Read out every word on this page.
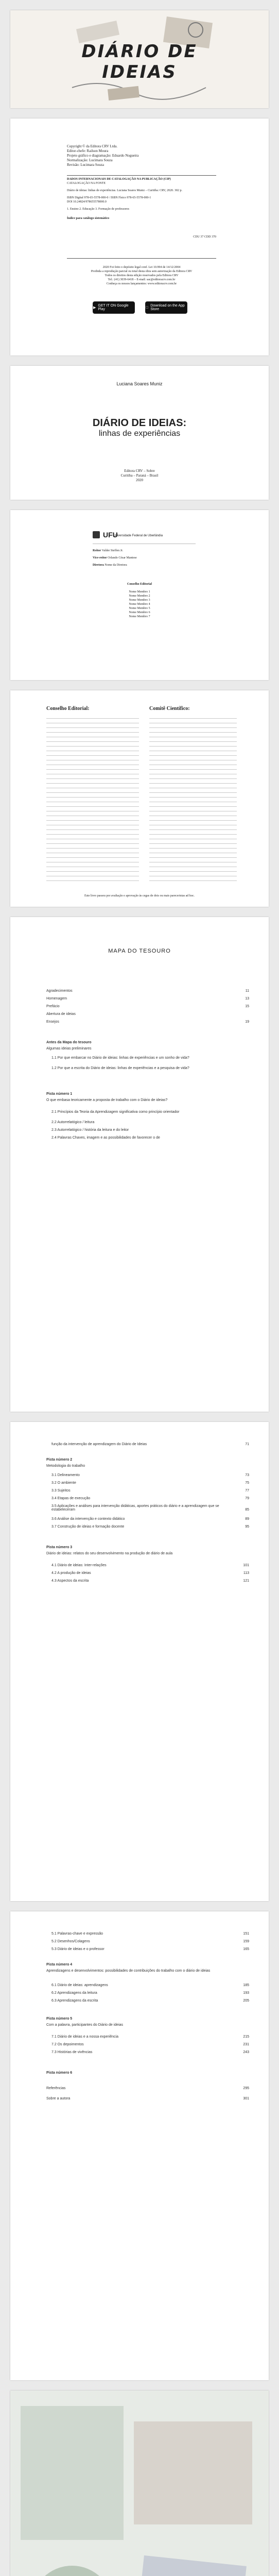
DIÁRIO DE
IDEIAS
Copyright © da Editora CRV Ltda.
Editor-chefe: Railson Moura
Projeto gráfico e diagramação: Eduardo Nogueira
Normalização: Lucimara Souza
Revisão: Lucimara Souza
DADOS INTERNACIONAIS DE CATALOGAÇÃO NA PUBLICAÇÃO (CIP)
CATALOGAÇÃO NA FONTE
Diário de ideias: linhas de experiências. Luciana Soares Muniz – Curitiba: CRV, 2020. 302 p.
ISBN Digital 978-65-5578-000-0 / ISBN Físico 978-65-5578-000-1
DOI 10.24824/978655578000.0
1. Ensino 2. Educação 3. Formação de professores
Índice para catálogo sistemático
CDU 37 CDD 370
2020 Foi feito o depósito legal conf. Lei 10.994 de 14/12/2004
Proibida a reprodução parcial ou total desta obra sem autorização da Editora CRV
Todos os direitos desta edição reservados pela Editora CRV
Tel.: (41) 3039-6418 – E-mail: sac@editoracrv.com.br
Conheça os nossos lançamentos: www.editoracrv.com.br
▶
GET IT ON Google Play
Download on the App Store
Luciana Soares Muniz
DIÁRIO DE IDEIAS:
linhas de experiências
Editora CRV – Sobre
Curitiba – Paraná – Brasil
2020
UFU
Universidade Federal de Uberlândia
Reitor Valder Steffen Jr.
Vice-reitor Orlando César Mantese
Diretora Nome da Diretora
Conselho Editorial
Nome Membro 1
Nome Membro 2
Nome Membro 3
Nome Membro 4
Nome Membro 5
Nome Membro 6
Nome Membro 7
Conselho Editorial:	Comitê Científico:
Este livro passou por avaliação e aprovação às cegas de dois ou mais pareceristas ad hoc.
MAPA DO TESOURO
Agradecimentos	11
Homenagem	13
Prefácio	15
Abertura de ideias
Ensejos	19
Antes da Mapa do tesouro
Algumas ideias preliminares
1.1 Por que embarcar no Diário de ideias: linhas de experiências e um sonho de vida?
1.2 Por que a escrita do Diário de ideias: linhas de experiências e a pesquisa de vida?
Pista número 1
O que embasa teoricamente a proposta de trabalho com o Diário de ideias?
2.1 Princípios da Teoria da Aprendizagem significativa como princípio orientador
2.2 Autorrelatógico / leitura
2.3 Autorrelatógico / história da leitura e do leitor
2.4 Palavras Chaves, imagem e as possibilidades de favorecer o de
função da intervenção de aprendizagem do Diário de Ideias	71
Pista número 2
Metodologia do trabalho
3.1 Delineamento	73
3.2 O ambiente	75
3.3 Sujeitos	77
3.4 Etapas de execução	79
3.5 Aplicações e análises para intervenção didáticas, aportes práticos do diário e a aprendizagem que se estabeleceram	85
3.6 Análise da intervenção e contexto didático	89
3.7 Construção de ideias e formação docente	95
Pista número 3
Diário de ideias: relatos do seu desenvolvimento na produção de diário de aula
4.1 Diário de ideias: Inter-relações	101
4.2 A produção de ideias	113
4.3 Aspectos da escrita	121
5.1 Palavras-chave e expressão	151
5.2 Desenhos/Colagens	159
5.3 Diário de ideias e o professor	165
Pista número 4
Aprendizagens e desenvolvimentos: possibilidades de contribuições do trabalho com o diário de ideias
6.1 Diário de ideias: aprendizagens	185
6.2 Aprendizagens da leitura	193
6.3 Aprendizagens da escrita	205
Pista número 5
Com a palavra, participantes do Diário de ideias
7.1 Diário de ideias e a nossa experiência	215
7.2 Os depoimentos	231
7.3 Histórias de vivências	243
Pista número 6
Referências	295
Sobre a autora	301
